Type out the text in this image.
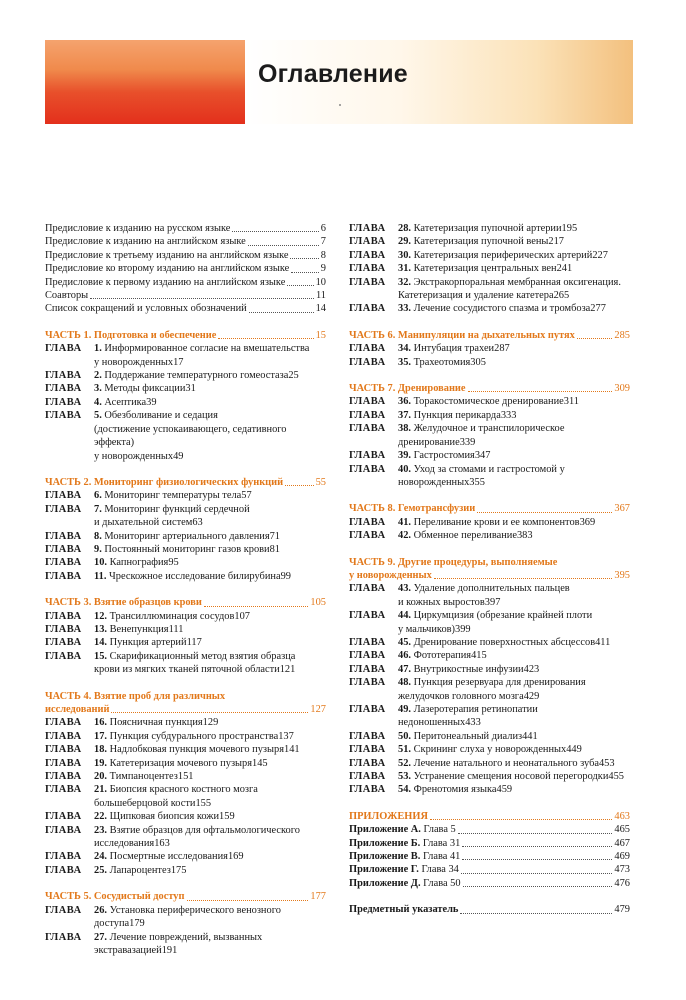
Оглавление
Предисловие к изданию на русском языке	6
Предисловие к изданию на английском языке	7
Предисловие к третьему изданию на английском языке	8
Предисловие ко второму изданию на английском языке	9
Предисловие к первому изданию на английском языке	10
Соавторы	11
Список сокращений и условных обозначений	14
ЧАСТЬ 1. Подготовка и обеспечение	15
ГЛАВА	1. Информированное согласие на вмешательства
у новорожденных 17
ГЛАВА	2. Поддержание температурного гомеостаза 25
ГЛАВА	3. Методы фиксации 31
ГЛАВА	4. Асептика 39
ГЛАВА	5. Обезболивание и седация
(достижение успокаивающего, седативного эффекта)
у новорожденных 49
ЧАСТЬ 2. Мониторинг физиологических функций	55
ГЛАВА	6. Мониторинг температуры тела 57
ГЛАВА	7. Мониторинг функций сердечной
и дыхательной систем 63
ГЛАВА	8. Мониторинг артериального давления 71
ГЛАВА	9. Постоянный мониторинг газов крови 81
ГЛАВА	10. Капнография 95
ГЛАВА	11. Чрескожное исследование билирубина 99
ЧАСТЬ 3. Взятие образцов крови	105
ГЛАВА	12. Трансиллюминация сосудов 107
ГЛАВА	13. Венепункция 111
ГЛАВА	14. Пункция артерий 117
ГЛАВА	15. Скарификационный метод взятия образца
крови из мягких тканей пяточной области 121
ЧАСТЬ 4. Взятие проб для различных
исследований	127
ГЛАВА	16. Поясничная пункция 129
ГЛАВА	17. Пункция субдурального пространства 137
ГЛАВА	18. Надлобковая пункция мочевого пузыря 141
ГЛАВА	19. Катетеризация мочевого пузыря 145
ГЛАВА	20. Тимпаноцентез 151
ГЛАВА	21. Биопсия красного костного мозга
большеберцовой кости 155
ГЛАВА	22. Щипковая биопсия кожи 159
ГЛАВА	23. Взятие образцов для офтальмологического
исследования 163
ГЛАВА	24. Посмертные исследования 169
ГЛАВА	25. Лапароцентез 175
ЧАСТЬ 5. Сосудистый доступ	177
ГЛАВА	26. Установка периферического венозного
доступа 179
ГЛАВА	27. Лечение повреждений, вызванных
экстравазацией 191
ГЛАВА	28. Катетеризация пупочной артерии 195
ГЛАВА	29. Катетеризация пупочной вены 217
ГЛАВА	30. Катетеризация периферических артерий 227
ГЛАВА	31. Катетеризация центральных вен 241
ГЛАВА	32. Экстракорпоральная мембранная оксигенация.
Катетеризация и удаление катетера 265
ГЛАВА	33. Лечение сосудистого спазма и тромбоза 277
ЧАСТЬ 6. Манипуляции на дыхательных путях	285
ГЛАВА	34. Интубация трахеи 287
ГЛАВА	35. Трахеотомия 305
ЧАСТЬ 7. Дренирование	309
ГЛАВА	36. Торакостомическое дренирование 311
ГЛАВА	37. Пункция перикарда 333
ГЛАВА	38. Желудочное и транспилорическое
дренирование 339
ГЛАВА	39. Гастростомия 347
ГЛАВА	40. Уход за стомами и гастростомой у
новорожденных 355
ЧАСТЬ 8. Гемотрансфузии	367
ГЛАВА	41. Переливание крови и ее компонентов 369
ГЛАВА	42. Обменное переливание 383
ЧАСТЬ 9. Другие процедуры, выполняемые
у новорожденных	395
ГЛАВА	43. Удаление дополнительных пальцев
и кожных выростов 397
ГЛАВА	44. Циркумцизия (обрезание крайней плоти
у мальчиков) 399
ГЛАВА	45. Дренирование поверхностных абсцессов 411
ГЛАВА	46. Фототерапия 415
ГЛАВА	47. Внутрикостные инфузии 423
ГЛАВА	48. Пункция резервуара для дренирования
желудочков головного мозга 429
ГЛАВА	49. Лазеротерапия ретинопатии
недоношенных 433
ГЛАВА	50. Перитонеальный диализ 441
ГЛАВА	51. Скрининг слуха у новорожденных 449
ГЛАВА	52. Лечение натального и неонатального зуба 453
ГЛАВА	53. Устранение смещения носовой перегородки 455
ГЛАВА	54. Френотомия языка 459
ПРИЛОЖЕНИЯ	463
Приложение А. Глава 5	465
Приложение Б. Глава 31	467
Приложение В. Глава 41	469
Приложение Г. Глава 34	473
Приложение Д. Глава 50	476
Предметный указатель	479
